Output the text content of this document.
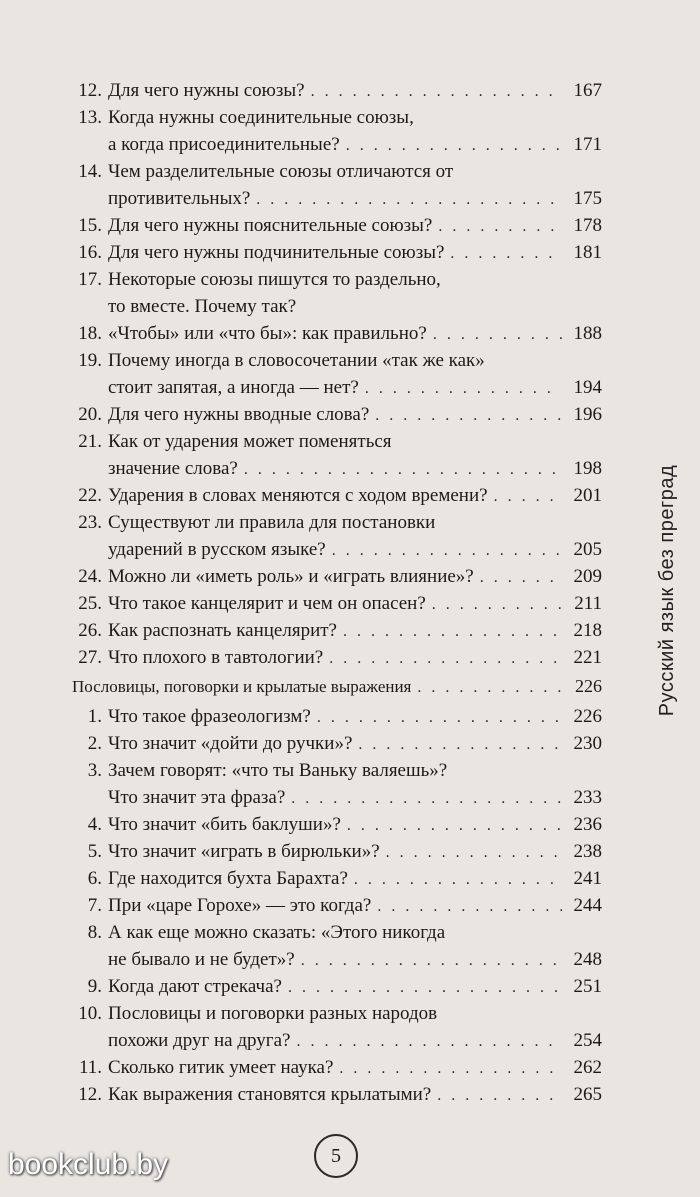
12. Для чего нужны союзы? . . .	167
13. Когда нужны соединительные союзы,
а когда присоединительные? . . .	171
14. Чем разделительные союзы отличаются от
противительных? . . .	175
15. Для чего нужны пояснительные союзы? . . .	178
16. Для чего нужны подчинительные союзы? . . .	181
17. Некоторые союзы пишутся то раздельно,
то вместе. Почему так?
18. «Чтобы» или «что бы»: как правильно? . . .	188
19. Почему иногда в словосочетании «так же как»
стоит запятая, а иногда — нет? . . .	194
20. Для чего нужны вводные слова? . . .	196
21. Как от ударения может поменяться
значение слова? . . .	198
22. Ударения в словах меняются с ходом времени? . . .	201
23. Существуют ли правила для постановки
ударений в русском языке? . . .	205
24. Можно ли «иметь роль» и «играть влияние»? . . .	209
25. Что такое канцелярит и чем он опасен? . . .	211
26. Как распознать канцелярит? . . .	218
27. Что плохого в тавтологии? . . .	221
Пословицы, поговорки и крылатые выражения . . .	226
1. Что такое фразеологизм? . . .	226
2. Что значит «дойти до ручки»? . . .	230
3. Зачем говорят: «что ты Ваньку валяешь»?
Что значит эта фраза? . . .	233
4. Что значит «бить баклуши»? . . .	236
5. Что значит «играть в бирюльки»? . . .	238
6. Где находится бухта Барахта? . . .	241
7. При «царе Горохе» — это когда? . . .	244
8. А как еще можно сказать: «Этого никогда
не бывало и не будет»? . . .	248
9. Когда дают стрекача? . . .	251
10. Пословицы и поговорки разных народов
похожи друг на друга? . . .	254
11. Сколько гитик умеет наука? . . .	262
12. Как выражения становятся крылатыми? . . .	265
Русский язык без преград
5
bookclub.by
